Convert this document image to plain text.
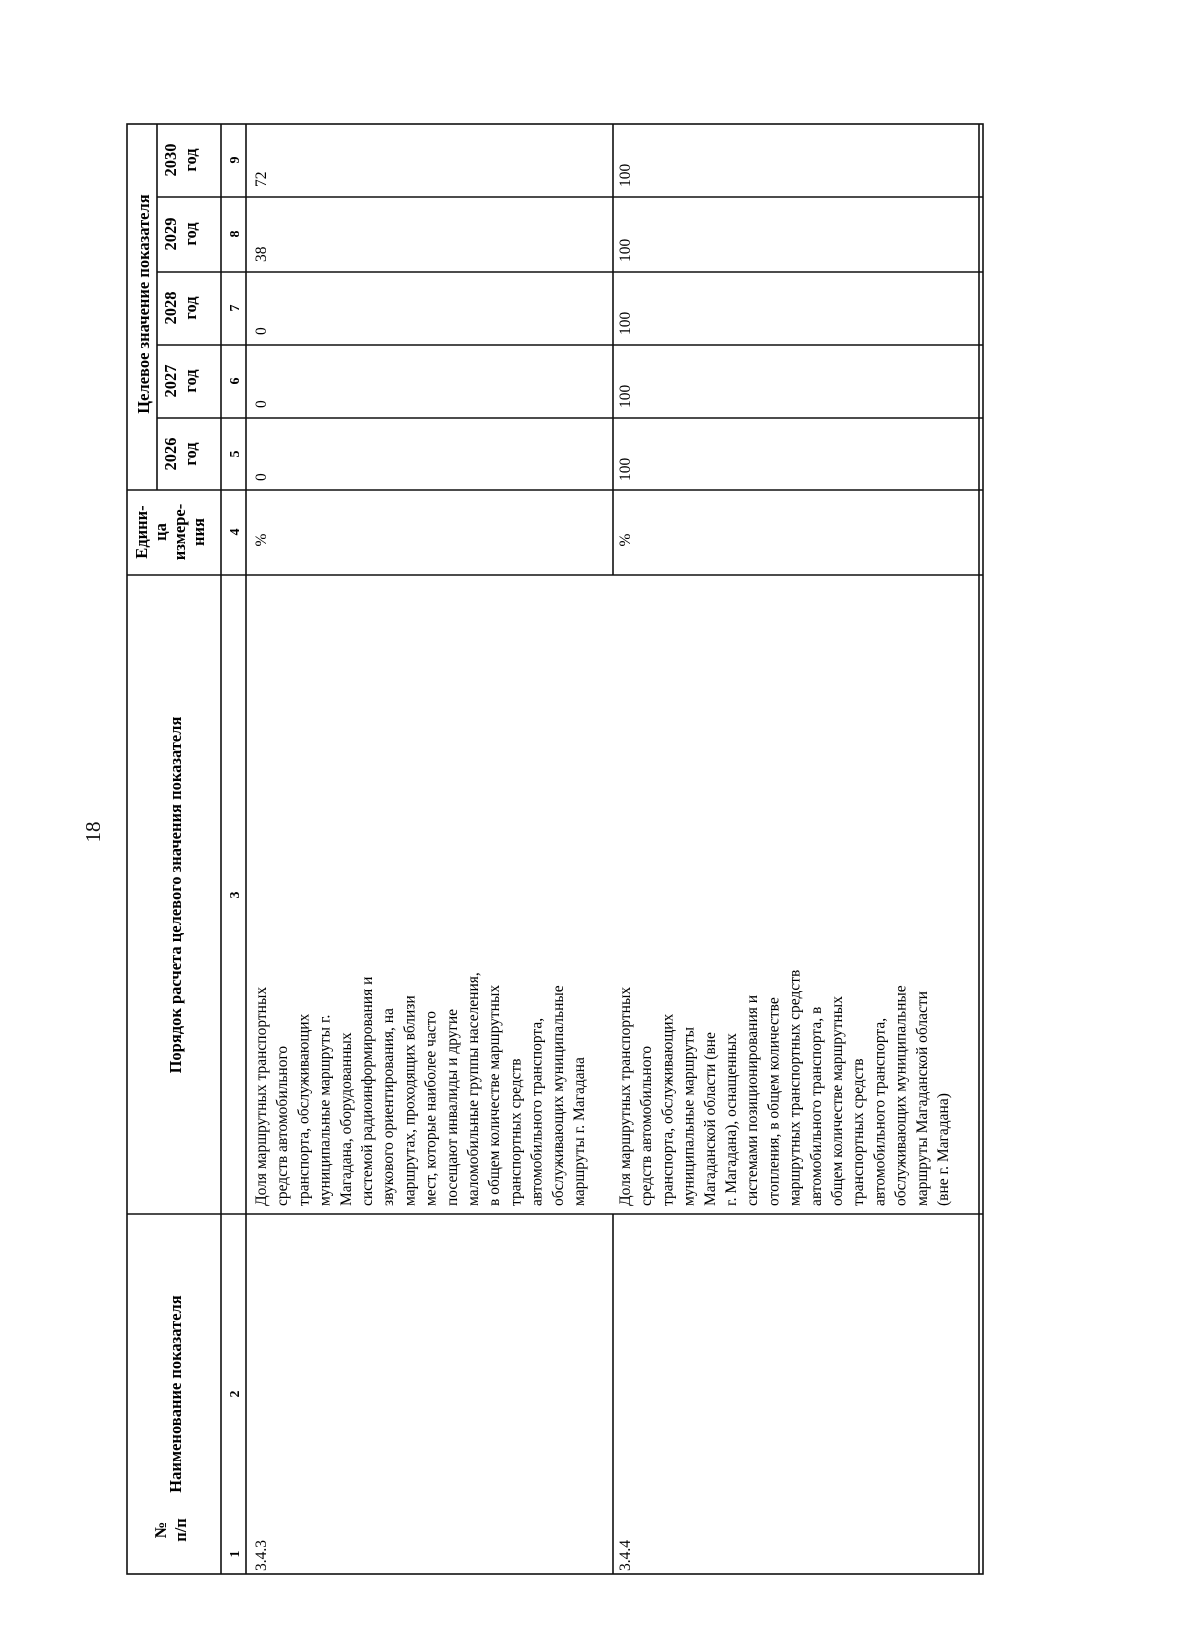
18
№ п/п
Наименование показателя
Порядок расчета целевого значения показателя
Едини- ца измере- ния
Целевое значение показателя
2026 год
2027 год
2028 год
2029 год
2030 год
1
2
3
4
5
6
7
8
9
3.4.3
Доля маршрутных транспортных средств автомобильного транспорта, обслуживающих муниципальные маршруты г. Магадана, оборудованных системой радиоинформирования и звукового ориентирования, на маршрутах, проходящих вблизи мест, которые наиболее часто посещают инвалиды и другие маломобильные группы населения, в общем количестве маршрутных транспортных средств автомобильного транспорта, обслуживающих муниципальные маршруты г. Магадана
%
0
0
0
38
72
3.4.4
Доля маршрутных транспортных средств автомобильного транспорта, обслуживающих муниципальные маршруты Магаданской области (вне г. Магадана), оснащенных системами позиционирования и отопления, в общем количестве маршрутных транспортных средств автомобильного транспорта, в общем количестве маршрутных транспортных средств автомобильного транспорта, обслуживающих муниципальные маршруты Магаданской области (вне г. Магадана)
%
100
100
100
100
100
